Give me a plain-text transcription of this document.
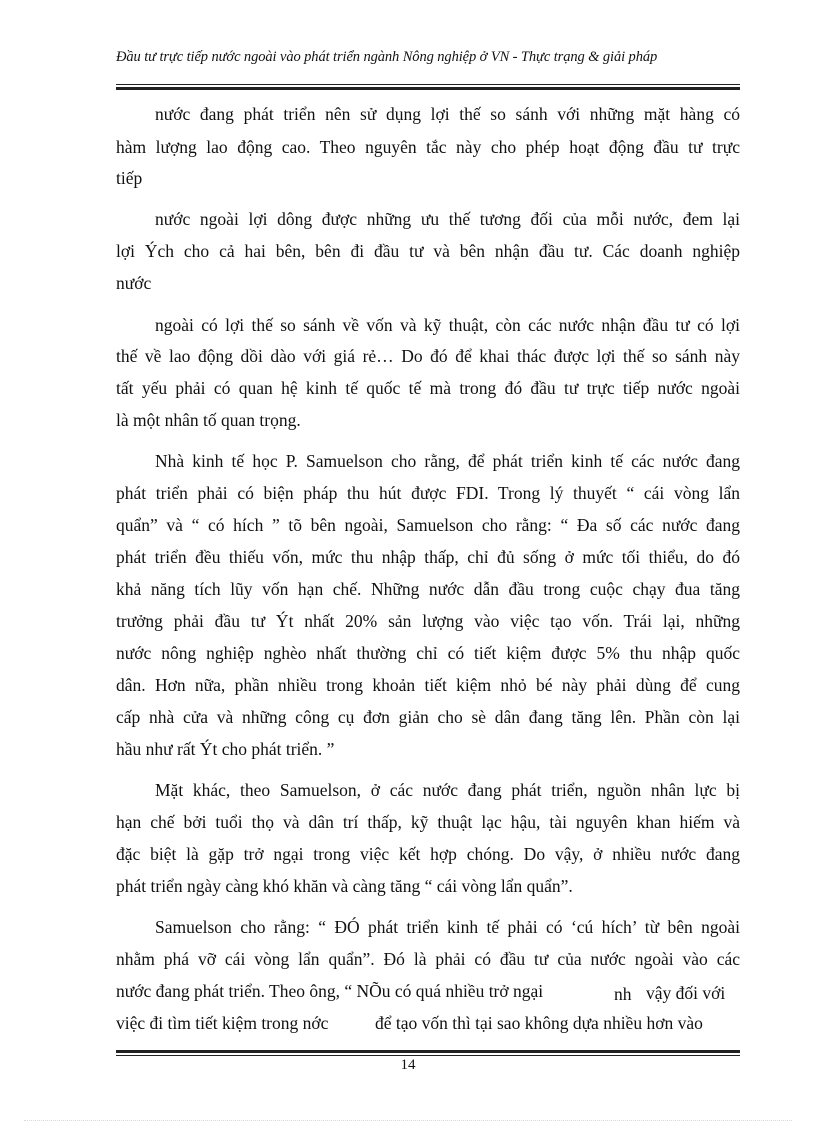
Đầu tư trực tiếp nước ngoài vào phát triển ngành Nông nghiệp ở VN - Thực trạng & giải pháp
nước đang phát triển nên sử dụng lợi thế so sánh với những mặt hàng có
hàm lượng lao động cao. Theo nguyên tắc này cho phép hoạt động đầu tư trực
tiếp
nước ngoài lợi dông được những ưu thế tương đối của mỗi nước, đem lại
lợi Ých cho cả hai bên, bên đi đầu tư và bên nhận đầu tư. Các doanh nghiệp
nước
ngoài có lợi thế so sánh về vốn và kỹ thuật, còn các nước nhận đầu tư có lợi
thế về lao động dồi dào với giá rẻ… Do đó để khai thác được lợi thế so sánh này
tất yếu phải có quan hệ kinh tế quốc tế mà trong đó đầu tư trực tiếp nước ngoài
là một nhân tố quan trọng.
Nhà kinh tế học P. Samuelson cho rằng, để phát triển kinh tế các nước đang
phát triển phải có biện pháp thu hút được FDI. Trong lý thuyết “ cái vòng lẩn
quẩn” và “ có hích ” tõ bên ngoài, Samuelson cho rằng: “ Đa số các nước đang
phát triển đều thiếu vốn, mức thu nhập thấp, chỉ đủ sống ở mức tối thiểu, do đó
khả năng tích lũy vốn hạn chế. Những nước dẫn đầu trong cuộc chạy đua tăng
trưởng phải đầu tư Ýt nhất 20% sản lượng vào việc tạo vốn. Trái lại, những
nước nông nghiệp nghèo nhất thường chỉ có tiết kiệm được 5% thu nhập quốc
dân. Hơn nữa, phần nhiều trong khoản tiết kiệm nhỏ bé này phải dùng để cung
cấp nhà cửa và những công cụ đơn giản cho sè dân đang tăng lên. Phần còn lại
hầu như rất Ýt cho phát triển. ”
Mặt khác, theo Samuelson, ở các nước đang phát triển, nguồn nhân lực bị
hạn chế bởi tuổi thọ và dân trí thấp, kỹ thuật lạc hậu, tài nguyên khan hiếm và
đặc biệt là gặp trở ngại trong việc kết hợp chóng. Do vậy, ở nhiều nước đang
phát triển ngày càng khó khăn và càng tăng “ cái vòng lẩn quẩn”.
Samuelson cho rằng: “ ĐÓ phát triển kinh tế phải có ‘cú hích’ từ bên ngoài
nhằm phá vỡ cái vòng lẩn quẩn”. Đó là phải có đầu tư của nước ngoài vào các
nước đang phát triển. Theo ông, “ NÕu có quá nhiều trở ngại	nh vậy đối với
việc đi tìm tiết kiệm trong nớc	để tạo vốn thì tại sao không dựa nhiều hơn vào
14
